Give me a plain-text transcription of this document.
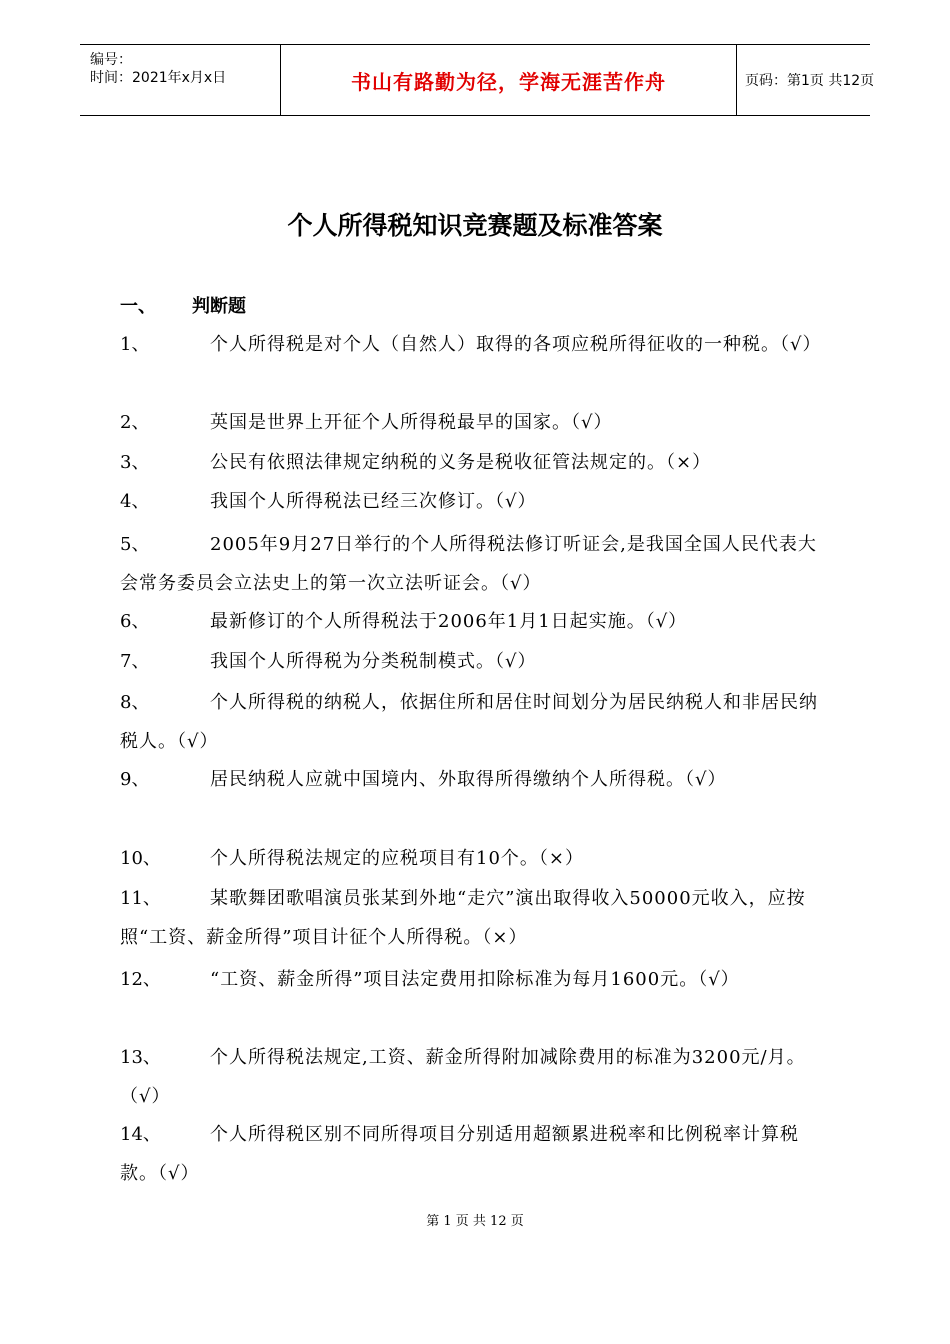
编号：
时间：2021年x月x日	书山有路勤为径，学海无涯苦作舟	页码：第1页 共12页
个人所得税知识竞赛题及标准答案
一、 判断题
1、	个人所得税是对个人（自然人）取得的各项应税所得征收的一种税。（√）
2、	英国是世界上开征个人所得税最早的国家。（√）
3、	公民有依照法律规定纳税的义务是税收征管法规定的。（×）
4、	我国个人所得税法已经三次修订。（√）
5、	2005年9月27日举行的个人所得税法修订听证会,是我国全国人民代表大会常务委员会立法史上的第一次立法听证会。（√）
6、	最新修订的个人所得税法于2006年1月1日起实施。（√）
7、	我国个人所得税为分类税制模式。（√）
8、	个人所得税的纳税人，依据住所和居住时间划分为居民纳税人和非居民纳税人。（√）
9、	居民纳税人应就中国境内、外取得所得缴纳个人所得税。（√）
10、	个人所得税法规定的应税项目有10个。（×）
11、	某歌舞团歌唱演员张某到外地“走穴”演出取得收入50000元收入，应按照“工资、薪金所得”项目计征个人所得税。（×）
12、	“工资、薪金所得”项目法定费用扣除标准为每月1600元。（√）
13、	个人所得税法规定,工资、薪金所得附加减除费用的标准为3200元/月。（√）
14、	个人所得税区别不同所得项目分别适用超额累进税率和比例税率计算税款。（√）
第 1 页 共 12 页
